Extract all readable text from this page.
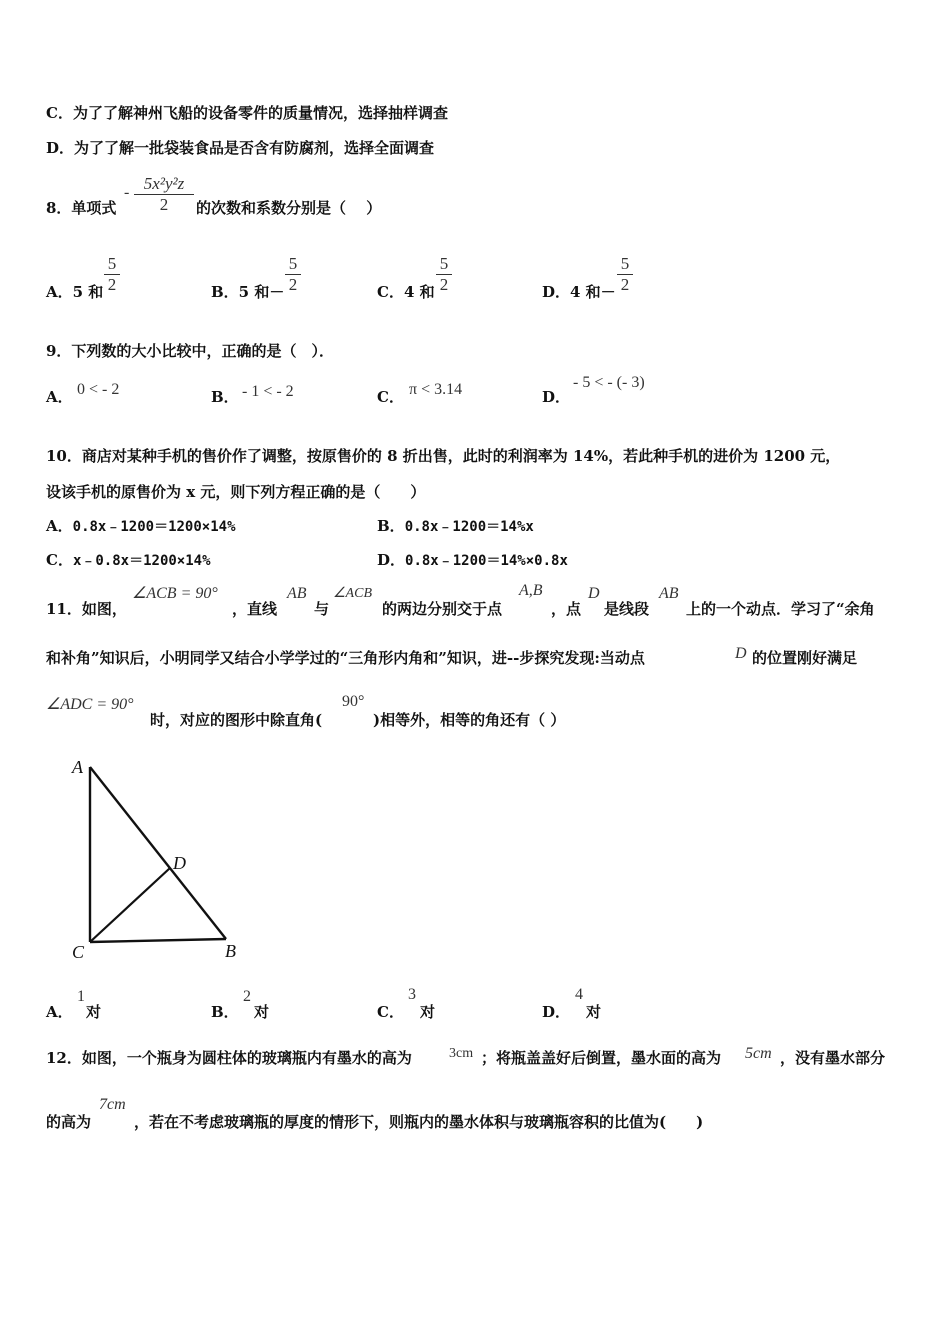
C．为了了解神州飞船的设备零件的质量情况，选择抽样调查
D．为了了解一批袋装食品是否含有防腐剂，选择全面调查
8．单项式
- $\frac{\text{5x²y²z}}{2}$ 的次数和系数分别是（　 ）
A．5 和 $\frac{5}{2}$	B．5 和－ $\frac{5}{2}$	C．4 和 $\frac{5}{2}$	D．4 和－ $\frac{5}{2}$
9．下列数的大小比较中，正确的是（　）．
A． 0 < - 2	B． - 1 < - 2	C． π < 3.14	D．
- 5 < - (- 3)
10．商店对某种手机的售价作了调整，按原售价的 8 折出售，此时的利润率为 14%，若此种手机的进价为 1200 元，
设该手机的原售价为 x 元，则下列方程正确的是（　　）
A．0.8x﹣1200＝1200×14%	B．0.8x﹣1200＝14%x
C．x﹣0.8x＝1200×14%	D．0.8x﹣1200＝14%×0.8x
11．如图，
∠ACB = 90°
，直线
AB
与
∠ACB
的两边分别交于点
A,B
，点
D
是线段
AB
上的一个动点．学习了“余角
和补角”知识后，小明同学又结合小学学过的“三角形内角和”知识，进--步探究发现:当动点	D 的位置刚好满足
∠ADC = 90°
时，对应的图形中除直角(
90°
)相等外，相等的角还有（ ）
A
C	B
D
A．
1
对	B．
2
对	C．
3
对	D．
4
对
12．如图，一个瓶身为圆柱体的玻璃瓶内有墨水的高为	3cm ；将瓶盖盖好后倒置，墨水面的高为 5cm ，没有墨水部分
的高为
7cm
，若在不考虑玻璃瓶的厚度的情形下，则瓶内的墨水体积与玻璃瓶容积的比值为(　　)
